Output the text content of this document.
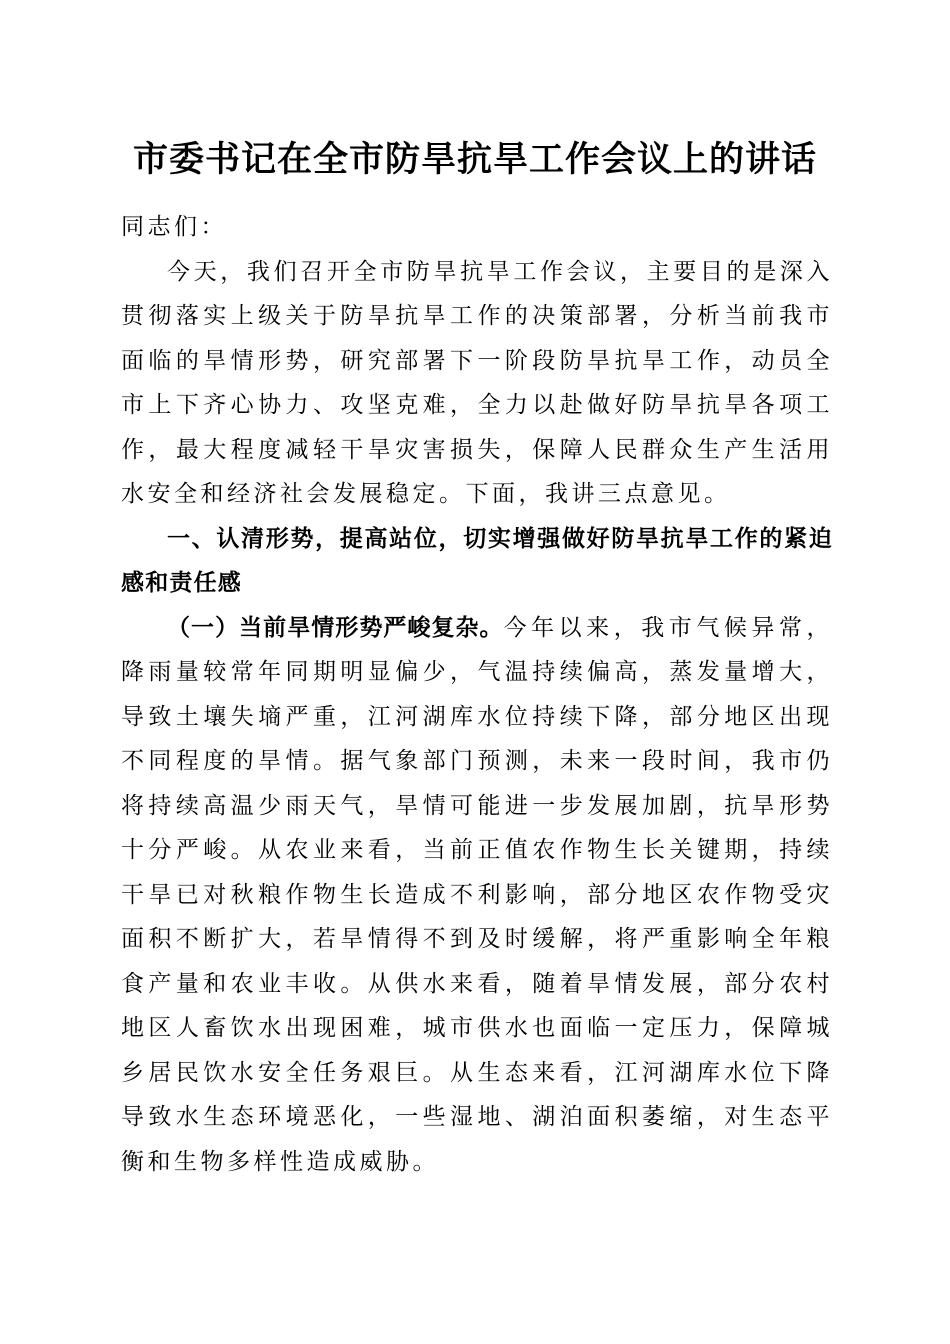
市委书记在全市防旱抗旱工作会议上的讲话

同志们：

今天，我们召开全市防旱抗旱工作会议，主要目的是深入贯彻落实上级关于防旱抗旱工作的决策部署，分析当前我市面临的旱情形势，研究部署下一阶段防旱抗旱工作，动员全市上下齐心协力、攻坚克难，全力以赴做好防旱抗旱各项工作，最大程度减轻干旱灾害损失，保障人民群众生产生活用水安全和经济社会发展稳定。下面，我讲三点意见。

一、认清形势，提高站位，切实增强做好防旱抗旱工作的紧迫感和责任感

（一）当前旱情形势严峻复杂。今年以来，我市气候异常，降雨量较常年同期明显偏少，气温持续偏高，蒸发量增大，导致土壤失墒严重，江河湖库水位持续下降，部分地区出现不同程度的旱情。据气象部门预测，未来一段时间，我市仍将持续高温少雨天气，旱情可能进一步发展加剧，抗旱形势十分严峻。从农业来看，当前正值农作物生长关键期，持续干旱已对秋粮作物生长造成不利影响，部分地区农作物受灾面积不断扩大，若旱情得不到及时缓解，将严重影响全年粮食产量和农业丰收。从供水来看，随着旱情发展，部分农村地区人畜饮水出现困难，城市供水也面临一定压力，保障城乡居民饮水安全任务艰巨。从生态来看，江河湖库水位下降导致水生态环境恶化，一些湿地、湖泊面积萎缩，对生态平衡和生物多样性造成威胁。
